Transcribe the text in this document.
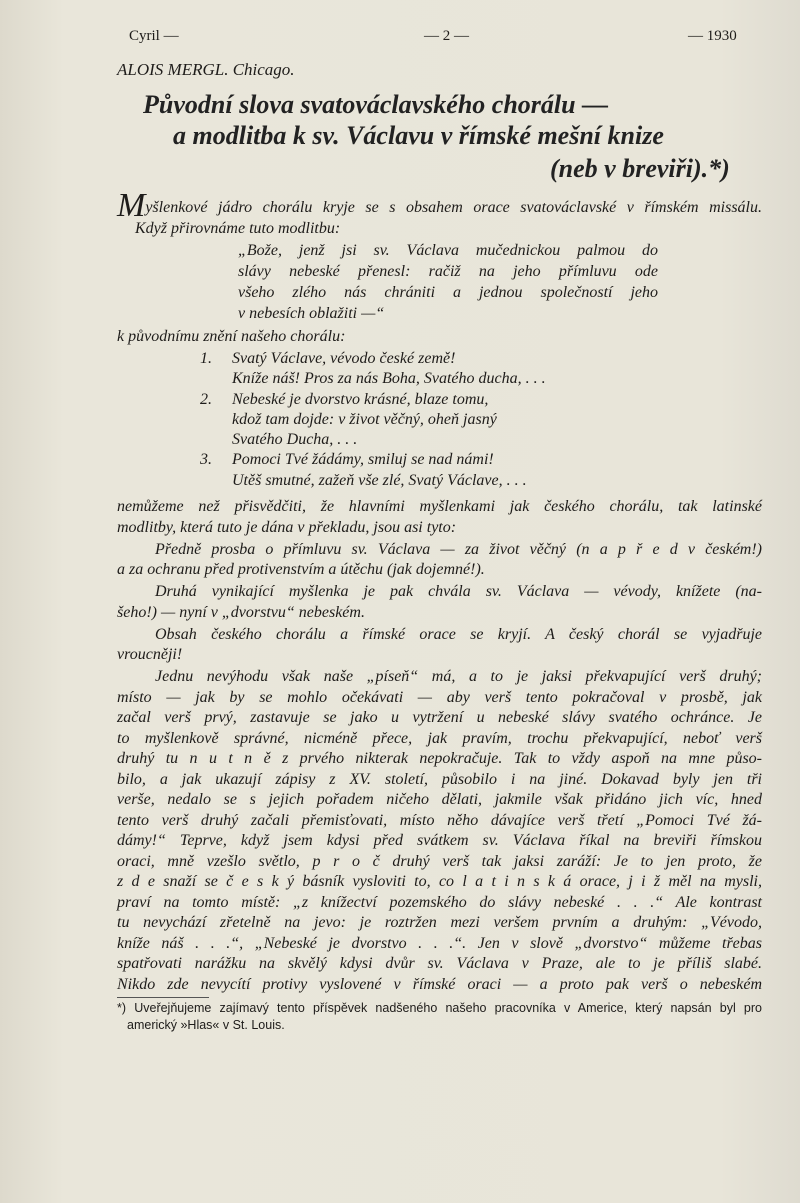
Cyril —	— 2 —	— 1930
ALOIS MERGL. Chicago.
Původní slova svatováclavského chorálu —
a modlitba k sv. Václavu v římské mešní knize
(neb v breviři).*)
Myšlenkové jádro chorálu kryje se s obsahem orace svatováclavské v římském missálu.
Když přirovnáme tuto modlitbu:
„Bože, jenž jsi sv. Václava mučednickou palmou do
slávy nebeské přenesl: račiž na jeho přímluvu ode
všeho zlého nás chrániti a jednou společností jeho
v nebesích oblažiti —“
k původnímu znění našeho chorálu:
1. Svatý Václave, vévodo české země!
Kníže náš! Pros za nás Boha, Svatého ducha, . . .
2. Nebeské je dvorstvo krásné, blaze tomu,
kdož tam dojde: v život věčný, oheň jasný
Svatého Ducha, . . .
3. Pomoci Tvé žádámy, smiluj se nad námi!
Utěš smutné, zažeň vše zlé, Svatý Václave, . . .
nemůžeme než přisvědčiti, že hlavními myšlenkami jak českého chorálu, tak latinské
modlitby, která tuto je dána v překladu, jsou asi tyto:
Předně prosba o přímluvu sv. Václava — za život věčný (n a p ř e d v českém!)
a za ochranu před protivenstvím a útěchu (jak dojemné!).
Druhá vynikající myšlenka je pak chvála sv. Václava — vévody, knížete (na-
šeho!) — nyní v „dvorstvu“ nebeském.
Obsah českého chorálu a římské orace se kryjí. A český chorál se vyjadřuje
vroucněji!
Jednu nevýhodu však naše „píseň“ má, a to je jaksi překvapující verš druhý;
místo — jak by se mohlo očekávati — aby verš tento pokračoval v prosbě, jak
začal verš prvý, zastavuje se jako u vytržení u nebeské slávy svatého ochránce. Je
to myšlenkově správné, nicméně přece, jak pravím, trochu překvapující, neboť verš
druhý tu n u t n ě z prvého nikterak nepokračuje. Tak to vždy aspoň na mne půso-
bilo, a jak ukazují zápisy z XV. století, působilo i na jiné. Dokavad byly jen tři
verše, nedalo se s jejich pořadem ničeho dělati, jakmile však přidáno jich víc, hned
tento verš druhý začali přemisťovati, místo něho dávajíce verš třetí „Pomoci Tvé žá-
dámy!“ Teprve, když jsem kdysi před svátkem sv. Václava říkal na breviři římskou
oraci, mně vzešlo světlo, p r o č druhý verš tak jaksi zaráží: Je to jen proto, že
z d e snaží se č e s k ý básník vysloviti to, co l a t i n s k á orace, j i ž měl na mysli,
praví na tomto místě: „z knížectví pozemského do slávy nebeské . . .“ Ale kontrast
tu nevychází zřetelně na jevo: je roztržen mezi veršem prvním a druhým: „Vévodo,
kníže náš . . .“, „Nebeské je dvorstvo . . .“. Jen v slově „dvorstvo“ můžeme třebas
spatřovati narážku na skvělý kdysi dvůr sv. Václava v Praze, ale to je příliš slabé.
Nikdo zde nevycítí protivy vyslovené v římské oraci — a proto pak verš o nebeském
*) Uveřejňujeme zajímavý tento příspěvek nadšeného našeho pracovníka v Americe, který napsán byl pro
americký »Hlas« v St. Louis.
